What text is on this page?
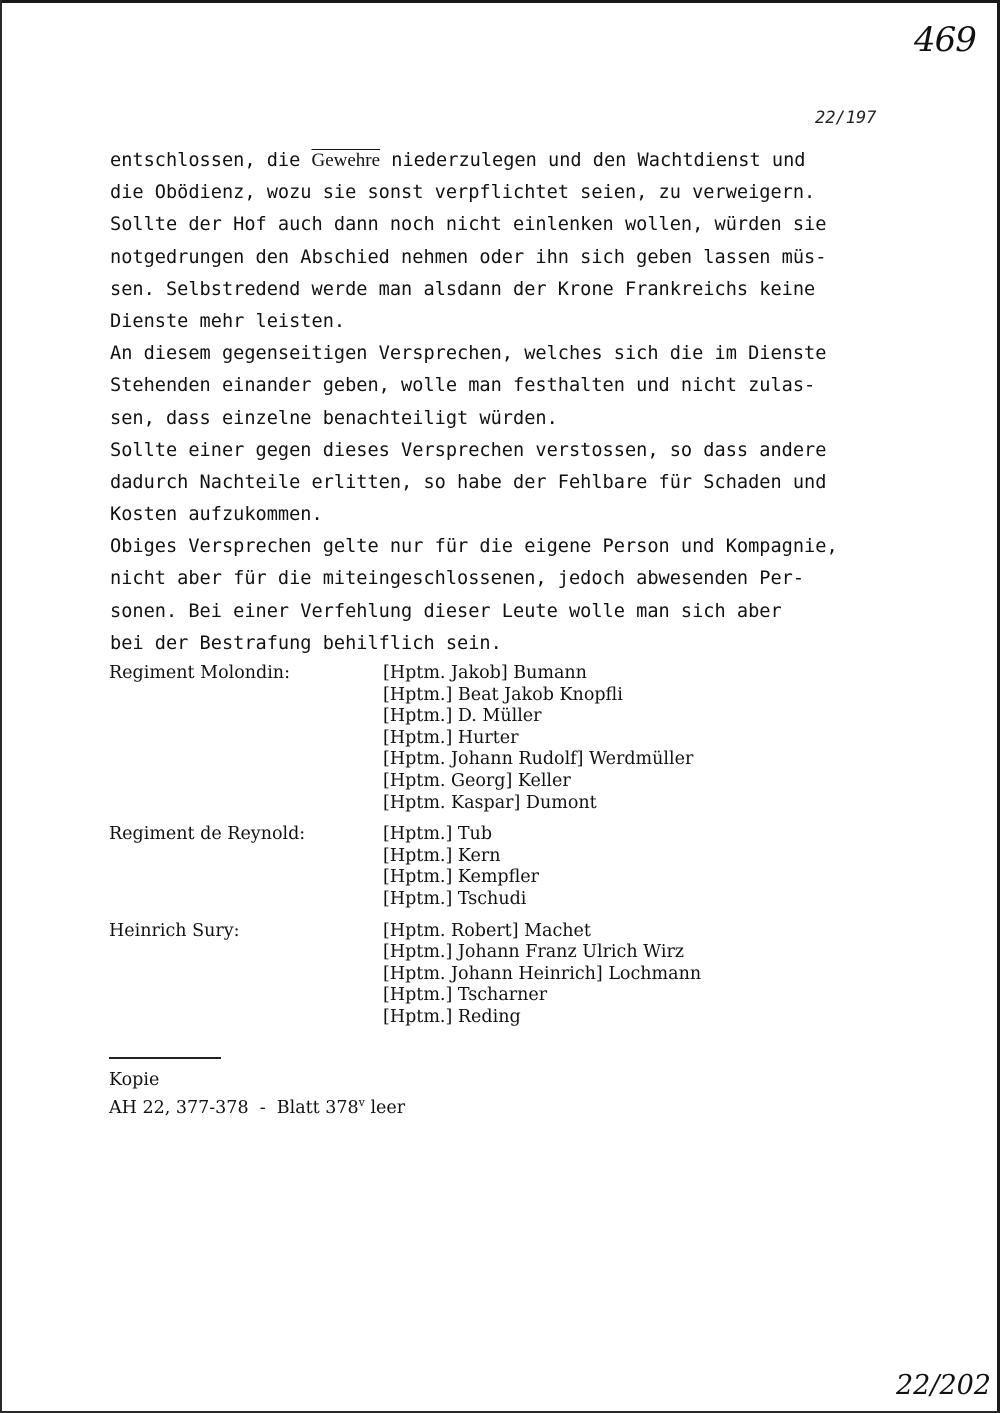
469
22/197
entschlossen, die Gewehre niederzulegen und den Wachtdienst und
die Obödienz, wozu sie sonst verpflichtet seien, zu verweigern.
Sollte der Hof auch dann noch nicht einlenken wollen, würden sie
notgedrungen den Abschied nehmen oder ihn sich geben lassen müs-
sen. Selbstredend werde man alsdann der Krone Frankreichs keine
Dienste mehr leisten.
An diesem gegenseitigen Versprechen, welches sich die im Dienste
Stehenden einander geben, wolle man festhalten und nicht zulas-
sen, dass einzelne benachteiligt würden.
Sollte einer gegen dieses Versprechen verstossen, so dass andere
dadurch Nachteile erlitten, so habe der Fehlbare für Schaden und
Kosten aufzukommen.
Obiges Versprechen gelte nur für die eigene Person und Kompagnie,
nicht aber für die miteingeschlossenen, jedoch abwesenden Per-
sonen. Bei einer Verfehlung dieser Leute wolle man sich aber
bei der Bestrafung behilflich sein.
Regiment Molondin:	[Hptm. Jakob] Bumann
[Hptm.] Beat Jakob Knopfli
[Hptm.] D. Müller
[Hptm.] Hurter
[Hptm. Johann Rudolf] Werdmüller
[Hptm. Georg] Keller
[Hptm. Kaspar] Dumont
Regiment de Reynold:	[Hptm.] Tub
[Hptm.] Kern
[Hptm.] Kempfler
[Hptm.] Tschudi
Heinrich Sury:	[Hptm. Robert] Machet
[Hptm.] Johann Franz Ulrich Wirz
[Hptm. Johann Heinrich] Lochmann
[Hptm.] Tscharner
[Hptm.] Reding
Kopie
AH 22, 377-378  -  Blatt 378$^v$ leer
22/202
